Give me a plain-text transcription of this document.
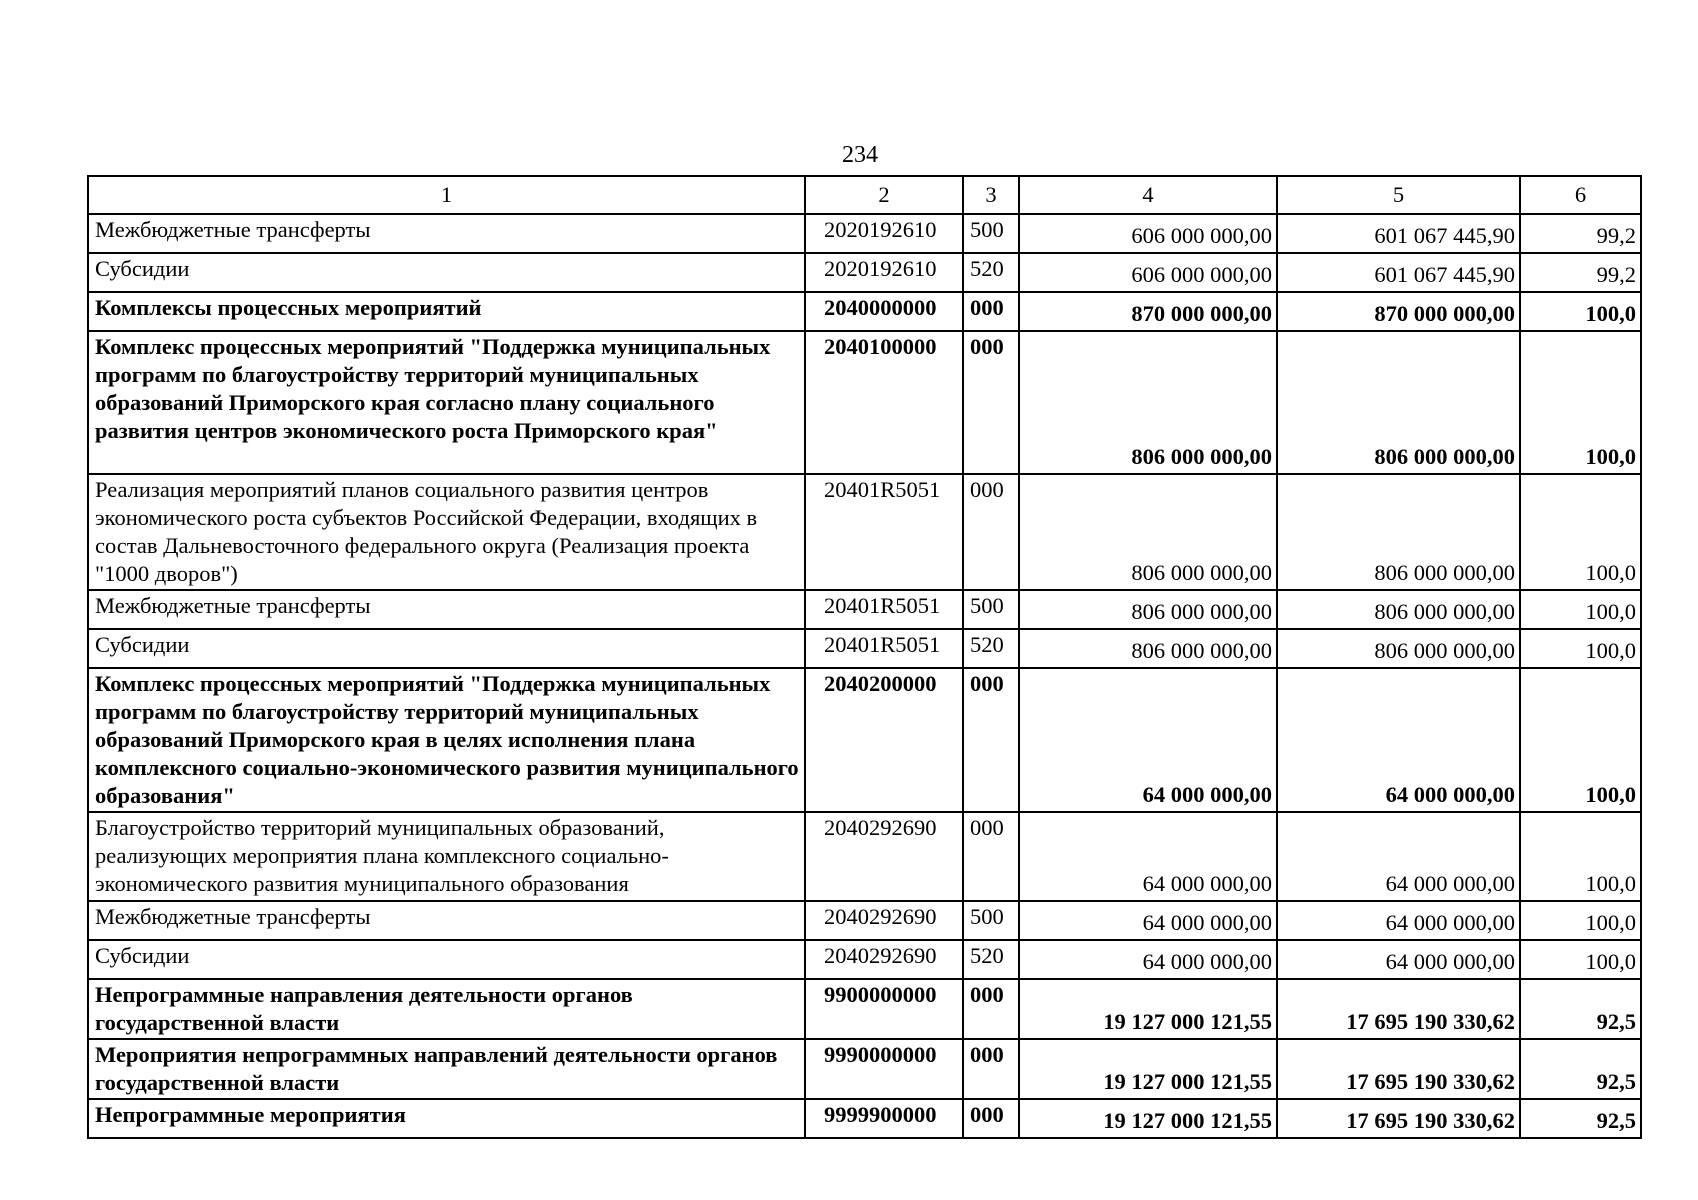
234
1	2	3	4	5	6
Межбюджетные трансферты	2020192610	500	606 000 000,00	601 067 445,90	99,2
Субсидии	2020192610	520	606 000 000,00	601 067 445,90	99,2
Комплексы процессных мероприятий	2040000000	000	870 000 000,00	870 000 000,00	100,0
Комплекс процессных мероприятий "Поддержка муниципальных программ по благоустройству территорий муниципальных образований Приморского края согласно плану социального развития центров экономического роста Приморского края"	2040100000	000	806 000 000,00	806 000 000,00	100,0
Реализация мероприятий планов социального развития центров экономического роста субъектов Российской Федерации, входящих в состав Дальневосточного федерального округа (Реализация проекта "1000 дворов")	20401R5051	000	806 000 000,00	806 000 000,00	100,0
Межбюджетные трансферты	20401R5051	500	806 000 000,00	806 000 000,00	100,0
Субсидии	20401R5051	520	806 000 000,00	806 000 000,00	100,0
Комплекс процессных мероприятий "Поддержка муниципальных программ по благоустройству территорий муниципальных образований Приморского края в целях исполнения плана комплексного социально-экономического развития муниципального образования"	2040200000	000	64 000 000,00	64 000 000,00	100,0
Благоустройство территорий муниципальных образований, реализующих мероприятия плана комплексного социально-экономического развития муниципального образования	2040292690	000	64 000 000,00	64 000 000,00	100,0
Межбюджетные трансферты	2040292690	500	64 000 000,00	64 000 000,00	100,0
Субсидии	2040292690	520	64 000 000,00	64 000 000,00	100,0
Непрограммные направления деятельности органов государственной власти	9900000000	000	19 127 000 121,55	17 695 190 330,62	92,5
Мероприятия непрограммных направлений деятельности органов государственной власти	9990000000	000	19 127 000 121,55	17 695 190 330,62	92,5
Непрограммные мероприятия	9999900000	000	19 127 000 121,55	17 695 190 330,62	92,5
